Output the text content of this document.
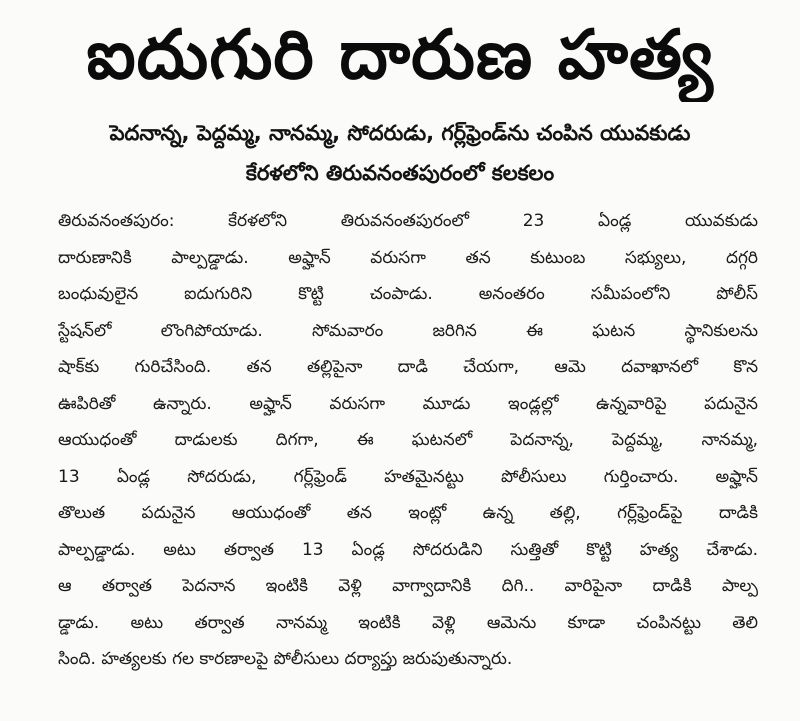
ఐదుగురి దారుణ హత్య
పెదనాన్న, పెద్దమ్మ, నానమ్మ, సోదరుడు, గర్ల్‌ఫ్రెండ్‌ను చంపిన యువకుడు
కేరళలోని తిరువనంతపురంలో కలకలం
తిరువనంతపురం: కేరళలోని తిరువనంతపురంలో 23 ఏండ్ల యువకుడు
దారుణానికి పాల్పడ్డాడు. అఫ్హాన్ వరుసగా తన కుటుంబ సభ్యులు, దగ్గరి
బంధువులైన ఐదుగురిని కొట్టి చంపాడు. అనంతరం సమీపంలోని పోలీస్
స్టేషన్‌లో లొంగిపోయాడు. సోమవారం జరిగిన ఈ ఘటన స్థానికులను
షాక్‌కు గురిచేసింది. తన తల్లిపైనా దాడి చేయగా, ఆమె దవాఖానలో కొన
ఊపిరితో ఉన్నారు. అఫ్హాన్ వరుసగా మూడు ఇండ్లల్లో ఉన్నవారిపై పదునైన
ఆయుధంతో దాడులకు దిగగా, ఈ ఘటనలో పెదనాన్న, పెద్దమ్మ, నానమ్మ,
13 ఏండ్ల సోదరుడు, గర్ల్‌ఫ్రెండ్ హతమైనట్టు పోలీసులు గుర్తించారు. అఫ్హాన్
తొలుత పదునైన ఆయుధంతో తన ఇంట్లో ఉన్న తల్లి, గర్ల్‌ఫ్రెండ్‌పై దాడికి
పాల్పడ్డాడు. అటు తర్వాత 13 ఏండ్ల సోదరుడిని సుత్తితో కొట్టి హత్య చేశాడు.
ఆ తర్వాత పెదనాన ఇంటికి వెళ్లి వాగ్వాదానికి దిగి.. వారిపైనా దాడికి పాల్ప
డ్డాడు. అటు తర్వాత నానమ్మ ఇంటికి వెళ్లి ఆమెను కూడా చంపినట్టు తెలి
సింది. హత్యలకు గల కారణాలపై పోలీసులు దర్యాప్తు జరుపుతున్నారు.
